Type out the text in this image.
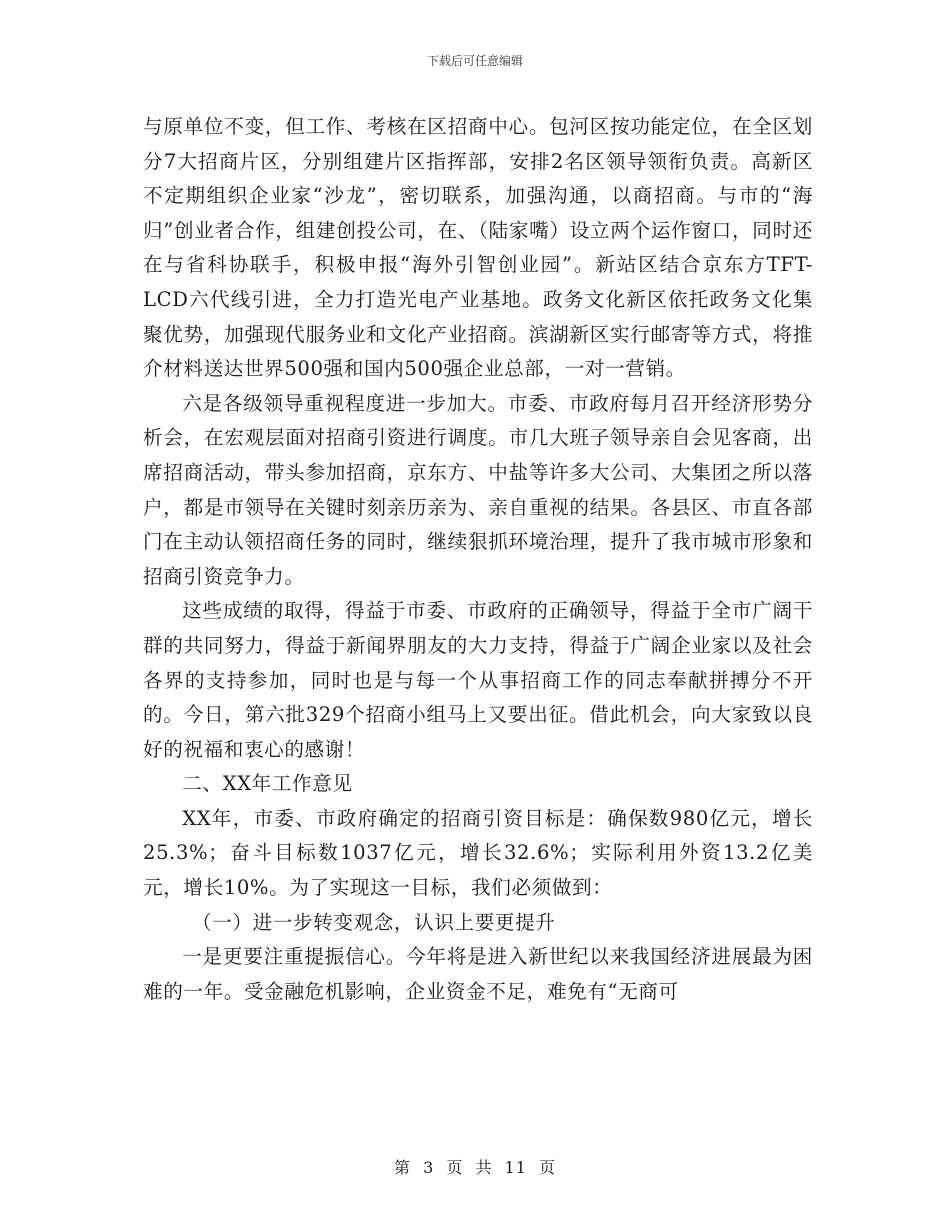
下载后可任意编辑

与原单位不变，但工作、考核在区招商中心。包河区按功能定位，在全区划分7大招商片区，分别组建片区指挥部，安排2名区领导领衔负责。高新区不定期组织企业家“沙龙”，密切联系，加强沟通，以商招商。与市的“海归”创业者合作，组建创投公司，在、（陆家嘴）设立两个运作窗口，同时还在与省科协联手，积极申报“海外引智创业园”。新站区结合京东方TFT-LCD六代线引进，全力打造光电产业基地。政务文化新区依托政务文化集聚优势，加强现代服务业和文化产业招商。滨湖新区实行邮寄等方式，将推介材料送达世界500强和国内500强企业总部，一对一营销。

六是各级领导重视程度进一步加大。市委、市政府每月召开经济形势分析会，在宏观层面对招商引资进行调度。市几大班子领导亲自会见客商，出席招商活动，带头参加招商，京东方、中盐等许多大公司、大集团之所以落户，都是市领导在关键时刻亲历亲为、亲自重视的结果。各县区、市直各部门在主动认领招商任务的同时，继续狠抓环境治理，提升了我市城市形象和招商引资竞争力。

这些成绩的取得，得益于市委、市政府的正确领导，得益于全市广阔干群的共同努力，得益于新闻界朋友的大力支持，得益于广阔企业家以及社会各界的支持参加，同时也是与每一个从事招商工作的同志奉献拼搏分不开的。今日，第六批329个招商小组马上又要出征。借此机会，向大家致以良好的祝福和衷心的感谢！

二、XX年工作意见

XX年，市委、市政府确定的招商引资目标是：确保数980亿元，增长25.3%；奋斗目标数1037亿元，增长32.6%；实际利用外资13.2亿美元，增长10%。为了实现这一目标，我们必须做到：

（一）进一步转变观念，认识上要更提升

一是更要注重提振信心。今年将是进入新世纪以来我国经济进展最为困难的一年。受金融危机影响，企业资金不足，难免有“无商可

第 3 页 共 11 页
